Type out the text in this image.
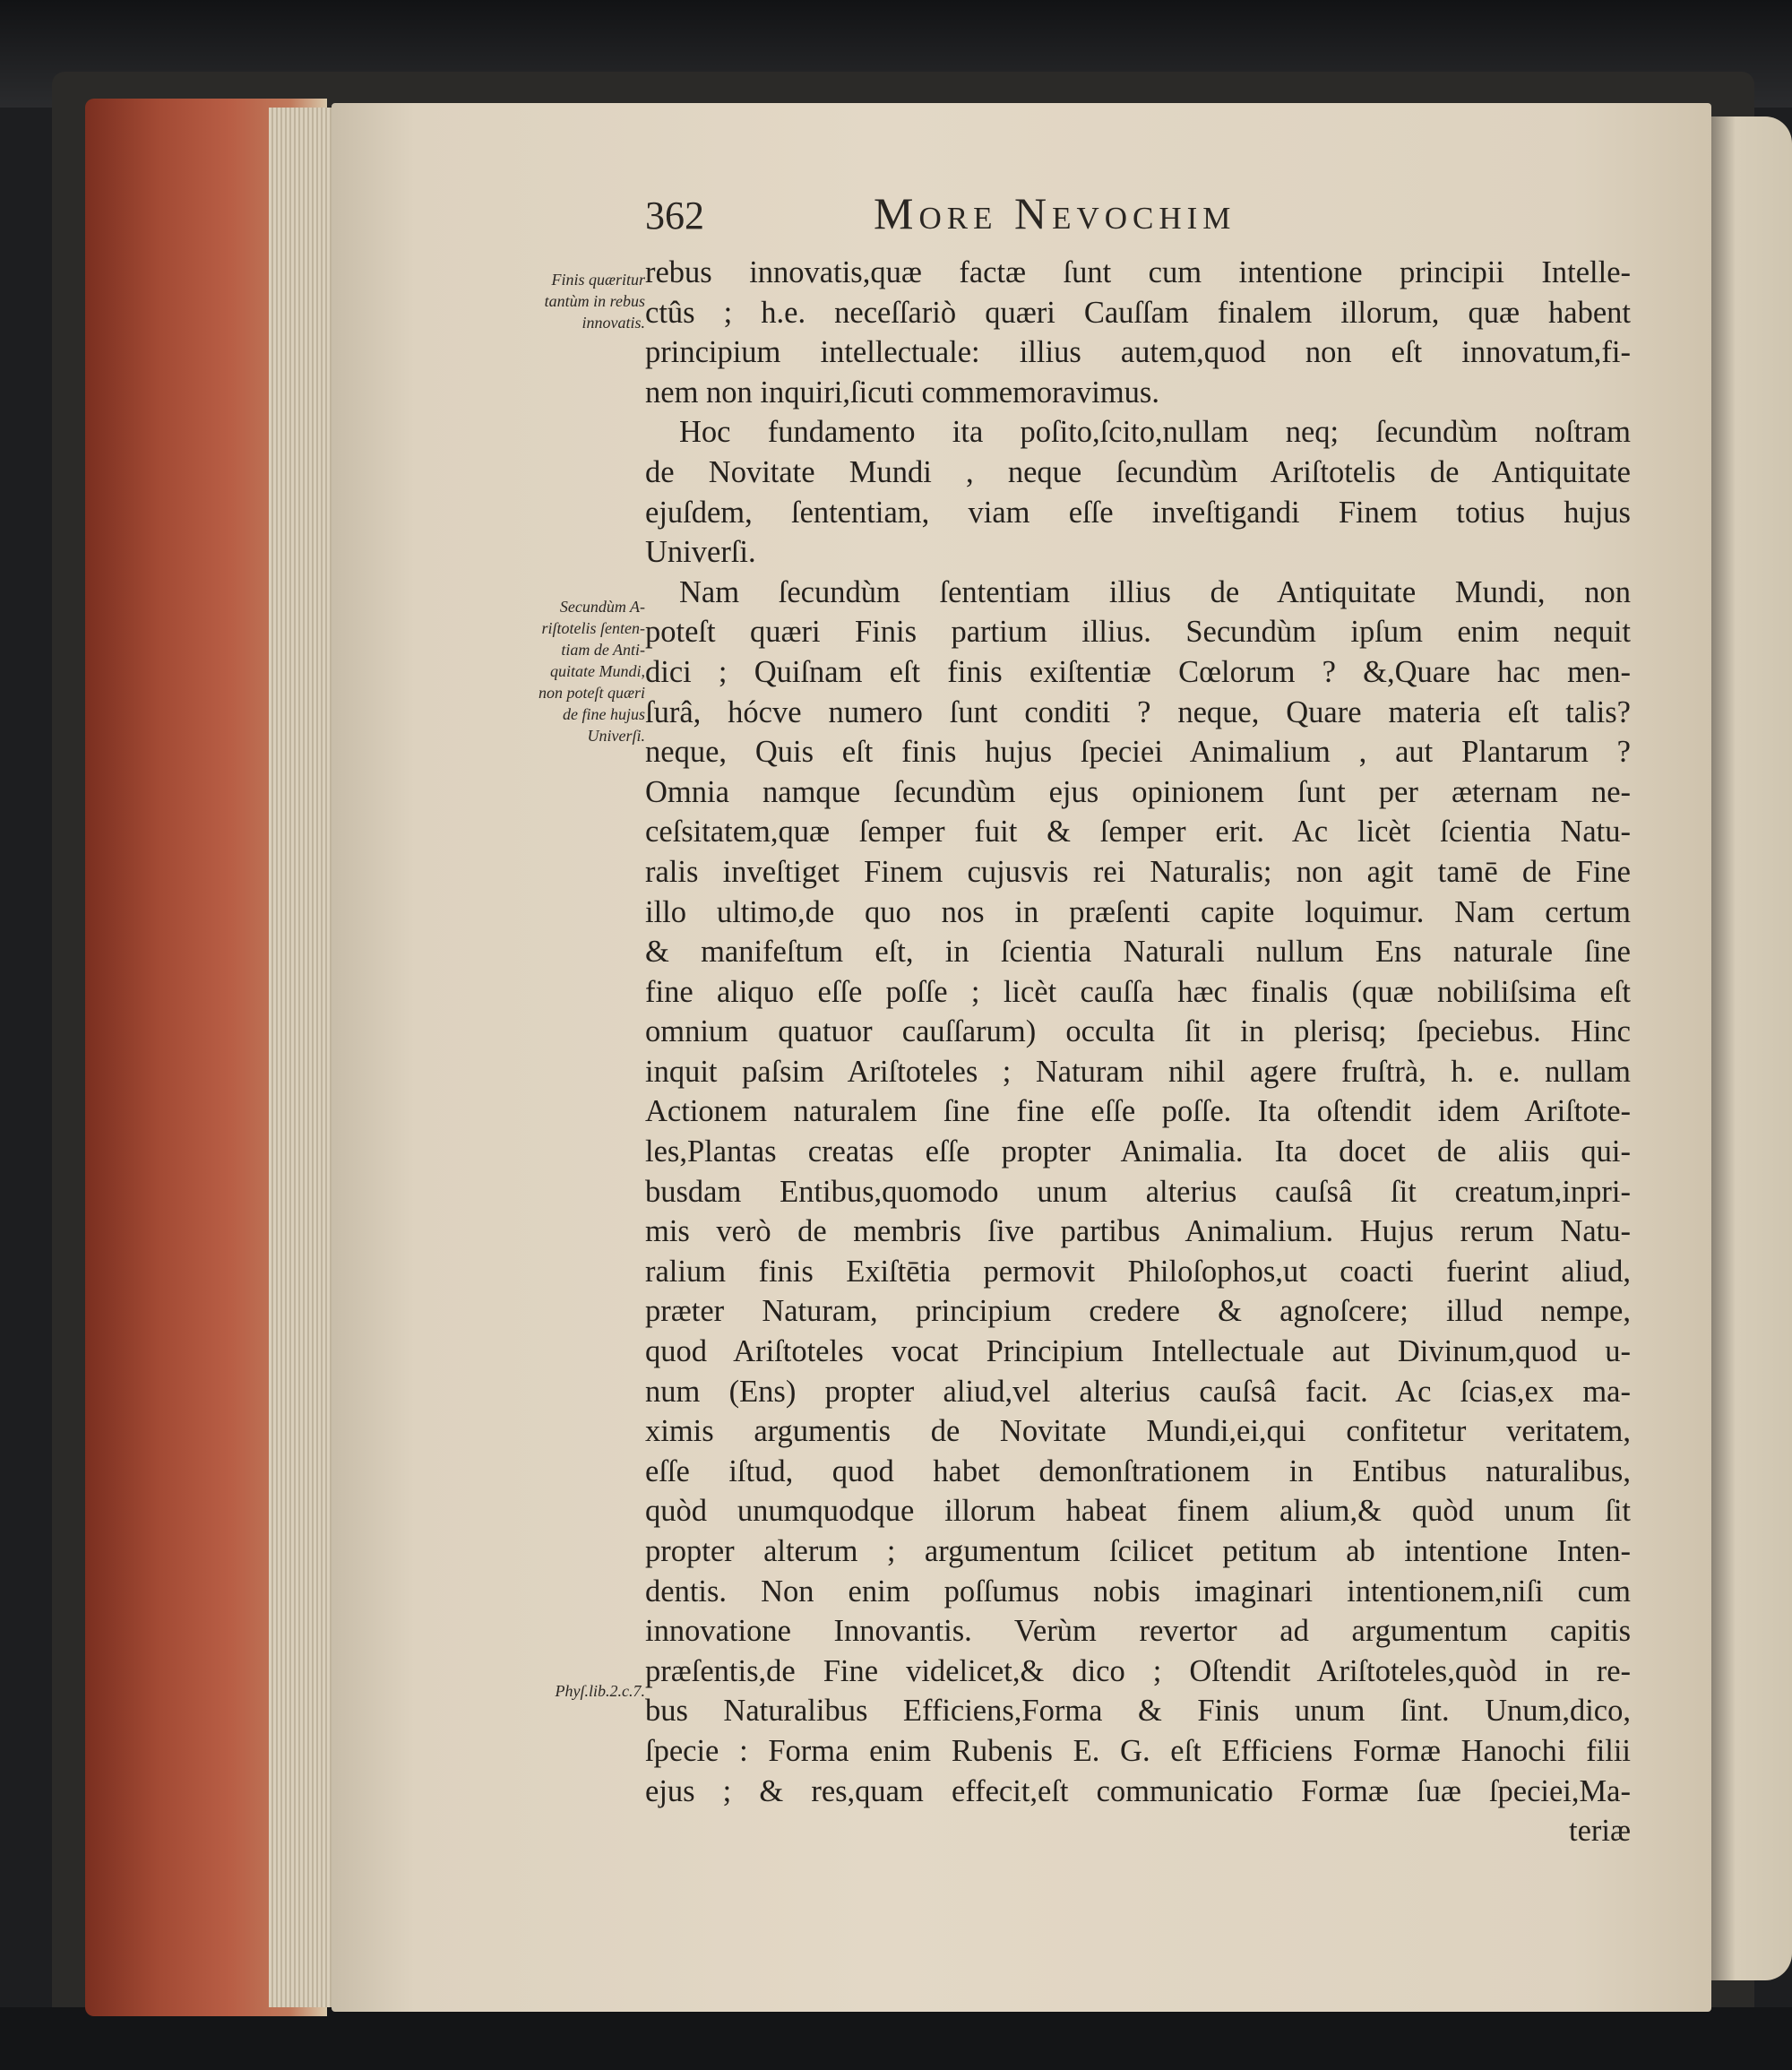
362	More Nevochim
Finis quæritur
tantùm in rebus
innovatis.
Secundùm A-
riſtotelis ſenten-
tiam de Anti-
quitate Mundi,
non poteſt quæri
de fine hujus
Univerſi.
Phyſ.lib.2.c.7.
rebus innovatis,quæ factæ ſunt cum intentione principii Intelle-
ctûs ; h.e. neceſſariò quæri Cauſſam finalem illorum, quæ habent
principium intellectuale: illius autem,quod non eſt innovatum,fi-
nem non inquiri,ſicuti commemoravimus.
Hoc fundamento ita poſito,ſcito,nullam neq; ſecundùm noſtram
de Novitate Mundi , neque ſecundùm Ariſtotelis de Antiquitate
ejuſdem, ſententiam, viam eſſe inveſtigandi Finem totius hujus
Univerſi.
Nam ſecundùm ſententiam illius de Antiquitate Mundi, non
poteſt quæri Finis partium illius. Secundùm ipſum enim nequit
dici ; Quiſnam eſt finis exiſtentiæ Cœlorum ? &,Quare hac men-
ſurâ, hócve numero ſunt conditi ? neque, Quare materia eſt talis?
neque, Quis eſt finis hujus ſpeciei Animalium , aut Plantarum ?
Omnia namque ſecundùm ejus opinionem ſunt per æternam ne-
ceſsitatem,quæ ſemper fuit & ſemper erit. Ac licèt ſcientia Natu-
ralis inveſtiget Finem cujusvis rei Naturalis; non agit tamē de Fine
illo ultimo,de quo nos in præſenti capite loquimur. Nam certum
& manifeſtum eſt, in ſcientia Naturali nullum Ens naturale ſine
fine aliquo eſſe poſſe ; licèt cauſſa hæc finalis (quæ nobiliſsima eſt
omnium quatuor cauſſarum) occulta ſit in plerisq; ſpeciebus. Hinc
inquit paſsim Ariſtoteles ; Naturam nihil agere fruſtrà, h. e. nullam
Actionem naturalem ſine fine eſſe poſſe. Ita oſtendit idem Ariſtote-
les,Plantas creatas eſſe propter Animalia. Ita docet de aliis qui-
busdam Entibus,quomodo unum alterius cauſsâ ſit creatum,inpri-
mis verò de membris ſive partibus Animalium. Hujus rerum Natu-
ralium finis Exiſtētia permovit Philoſophos,ut coacti fuerint aliud,
præter Naturam, principium credere & agnoſcere; illud nempe,
quod Ariſtoteles vocat Principium Intellectuale aut Divinum,quod u-
num (Ens) propter aliud,vel alterius cauſsâ facit. Ac ſcias,ex ma-
ximis argumentis de Novitate Mundi,ei,qui confitetur veritatem,
eſſe iſtud, quod habet demonſtrationem in Entibus naturalibus,
quòd unumquodque illorum habeat finem alium,& quòd unum ſit
propter alterum ; argumentum ſcilicet petitum ab intentione Inten-
dentis. Non enim poſſumus nobis imaginari intentionem,niſi cum
innovatione Innovantis. Verùm revertor ad argumentum capitis
præſentis,de Fine videlicet,& dico ; Oſtendit Ariſtoteles,quòd in re-
bus Naturalibus Efficiens,Forma & Finis unum ſint. Unum,dico,
ſpecie : Forma enim Rubenis E. G. eſt Efficiens Formæ Hanochi filii
ejus ; & res,quam effecit,eſt communicatio Formæ ſuæ ſpeciei,Ma-
teriæ
